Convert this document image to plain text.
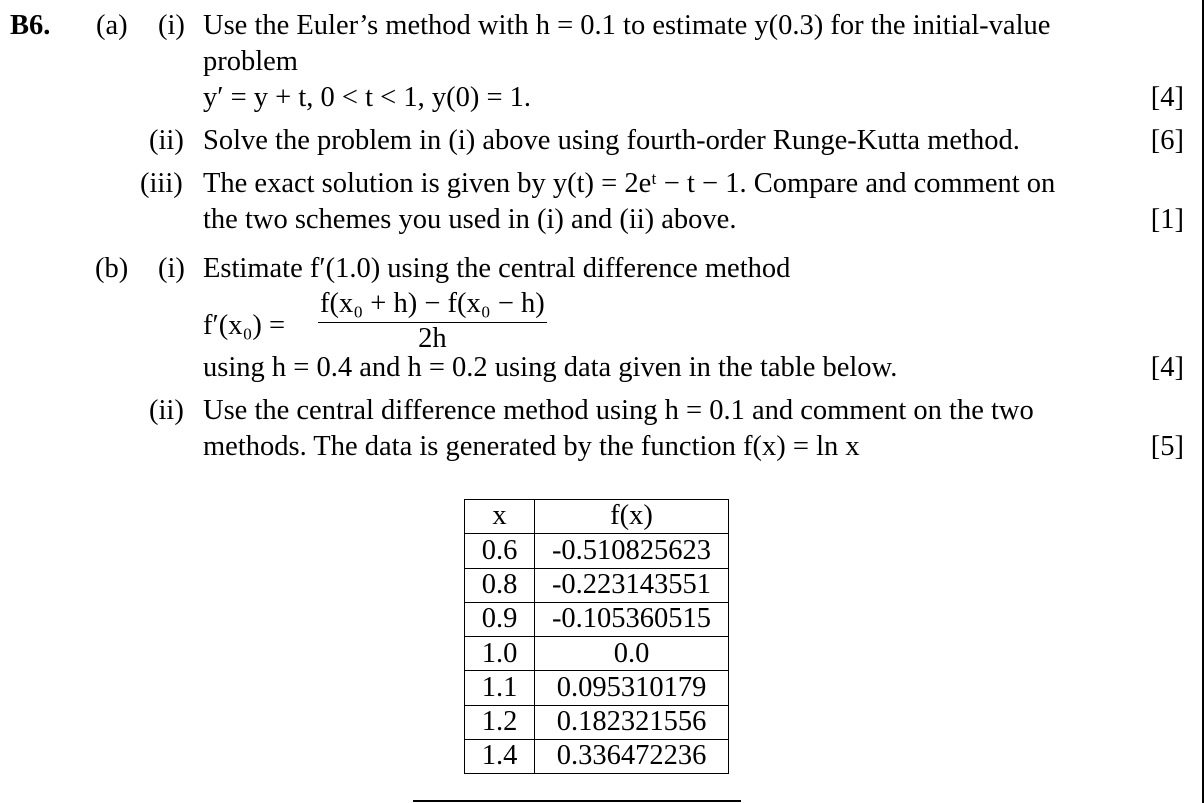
B6. (a) (i) Use the Euler’s method with h = 0.1 to estimate y(0.3) for the initial-value
problem
y′ = y + t, 0 < t < 1, y(0) = 1.	[4]
(ii) Solve the problem in (i) above using fourth-order Runge-Kutta method.	[6]
(iii) The exact solution is given by y(t) = 2eᵗ − t − 1. Compare and comment on
the two schemes you used in (i) and (ii) above.	[1]
(b) (i) Estimate f′(1.0) using the central difference method
f′(x₀) =
f(x₀ + h) − f(x₀ − h)
2h
using h = 0.4 and h = 0.2 using data given in the table below.	[4]
(ii) Use the central difference method using h = 0.1 and comment on the two
methods. The data is generated by the function f(x) = ln x	[5]
x	f(x)
0.6	-0.510825623
0.8	-0.223143551
0.9	-0.105360515
1.0	0.0
1.1	0.095310179
1.2	0.182321556
1.4	0.336472236
